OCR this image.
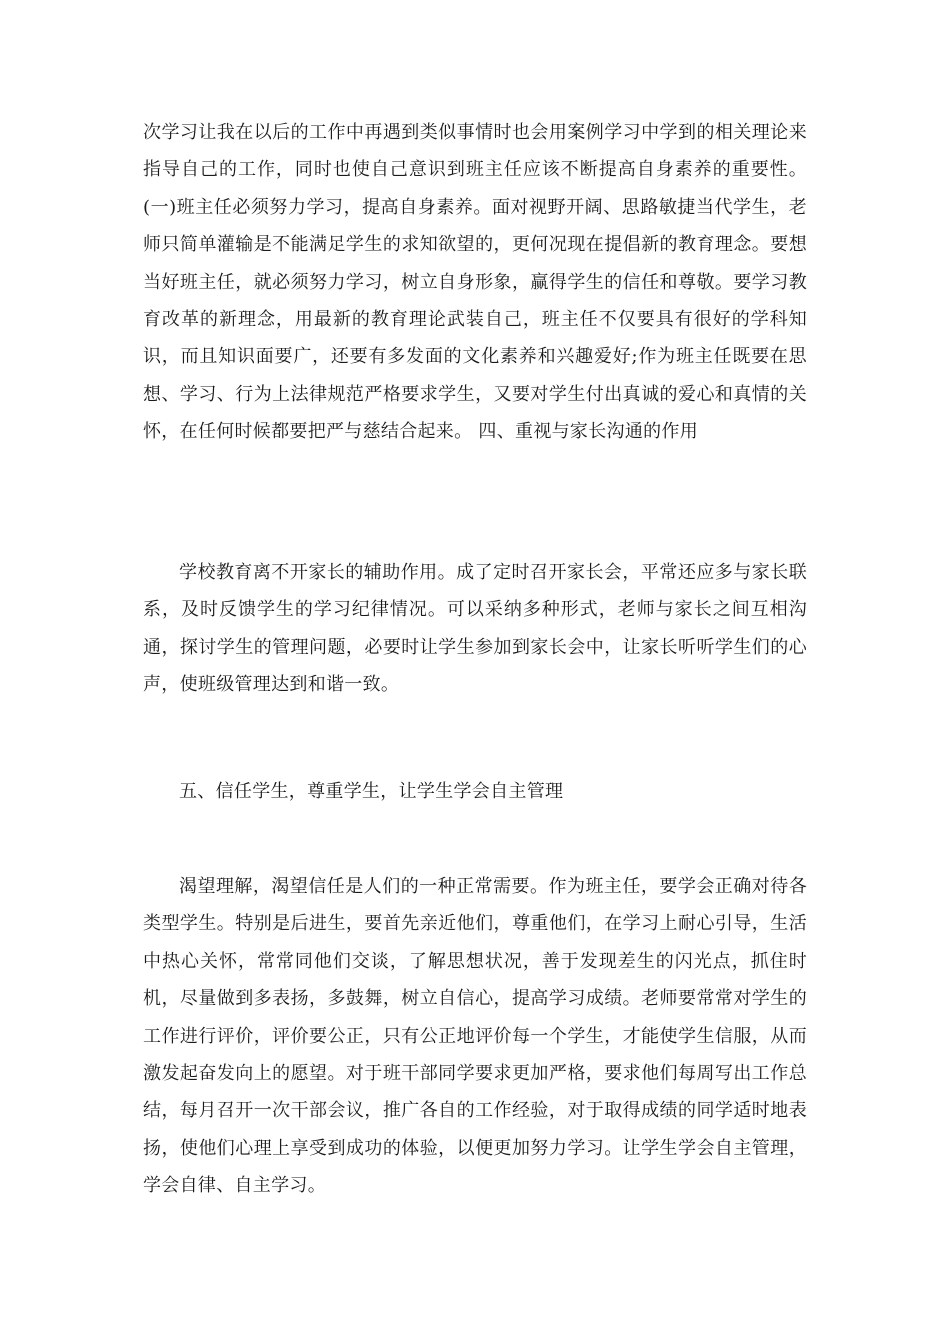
次学习让我在以后的工作中再遇到类似事情时也会用案例学习中学到的相关理论来指导自己的工作，同时也使自己意识到班主任应该不断提高自身素养的重要性。(一)班主任必须努力学习，提高自身素养。面对视野开阔、思路敏捷当代学生，老师只简单灌输是不能满足学生的求知欲望的，更何况现在提倡新的教育理念。要想当好班主任，就必须努力学习，树立自身形象，赢得学生的信任和尊敬。要学习教育改革的新理念，用最新的教育理论武装自己，班主任不仅要具有很好的学科知识，而且知识面要广，还要有多发面的文化素养和兴趣爱好;作为班主任既要在思想、学习、行为上法律规范严格要求学生，又要对学生付出真诚的爱心和真情的关怀，在任何时候都要把严与慈结合起来。 四、重视与家长沟通的作用

学校教育离不开家长的辅助作用。成了定时召开家长会，平常还应多与家长联系，及时反馈学生的学习纪律情况。可以采纳多种形式，老师与家长之间互相沟通，探讨学生的管理问题，必要时让学生参加到家长会中，让家长听听学生们的心声，使班级管理达到和谐一致。

五、信任学生，尊重学生，让学生学会自主管理

渴望理解，渴望信任是人们的一种正常需要。作为班主任，要学会正确对待各类型学生。特别是后进生，要首先亲近他们，尊重他们，在学习上耐心引导，生活中热心关怀，常常同他们交谈，了解思想状况，善于发现差生的闪光点，抓住时机，尽量做到多表扬，多鼓舞，树立自信心，提高学习成绩。老师要常常对学生的工作进行评价，评价要公正，只有公正地评价每一个学生，才能使学生信服，从而激发起奋发向上的愿望。对于班干部同学要求更加严格，要求他们每周写出工作总结，每月召开一次干部会议，推广各自的工作经验，对于取得成绩的同学适时地表扬，使他们心理上享受到成功的体验，以便更加努力学习。让学生学会自主管理，学会自律、自主学习。
